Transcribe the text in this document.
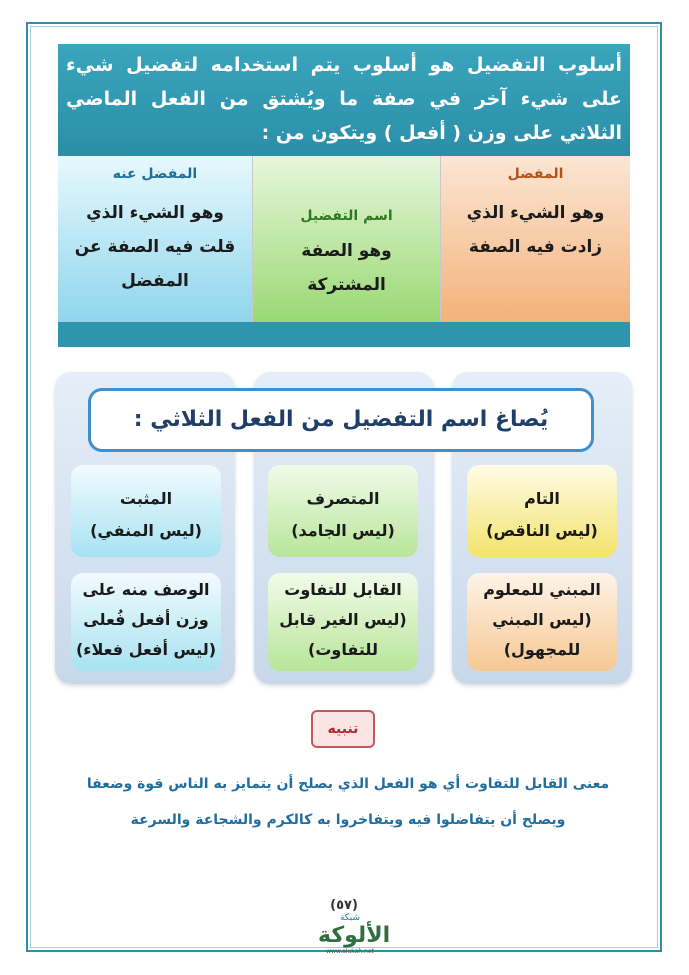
أسلوب التفضيل هو أسلوب يتم استخدامه لتفضيل شيء على شيء آخر في صفة ما ويُشتق من الفعل الماضي الثلاثي على وزن ( أفعل ) ويتكون من :
المفضل
وهو الشيء الذي زادت فيه الصفة
اسم التفضيل
وهو الصفة المشتركة
المفضل عنه
وهو الشيء الذي قلت فيه الصفة عن المفضل
يُصاغ اسم التفضيل من الفعل الثلاثي :
التام
(ليس الناقص)
المتصرف
(ليس الجامد)
المثبت
(ليس المنفي)
المبني للمعلوم (ليس المبني للمجهول)
القابل للتفاوت (ليس الغير قابل للتفاوت)
الوصف منه على وزن أفعل فُعلى (ليس أفعل فعلاء)
تنبيه
معنى القابل للتفاوت أي هو الفعل الذي يصلح أن يتمايز به الناس قوة وضعفا ويصلح أن يتفاضلوا فيه ويتفاخروا به كالكرم والشجاعة والسرعة
(٥٧)
شبكة
الألوكة
www.alukah.net
